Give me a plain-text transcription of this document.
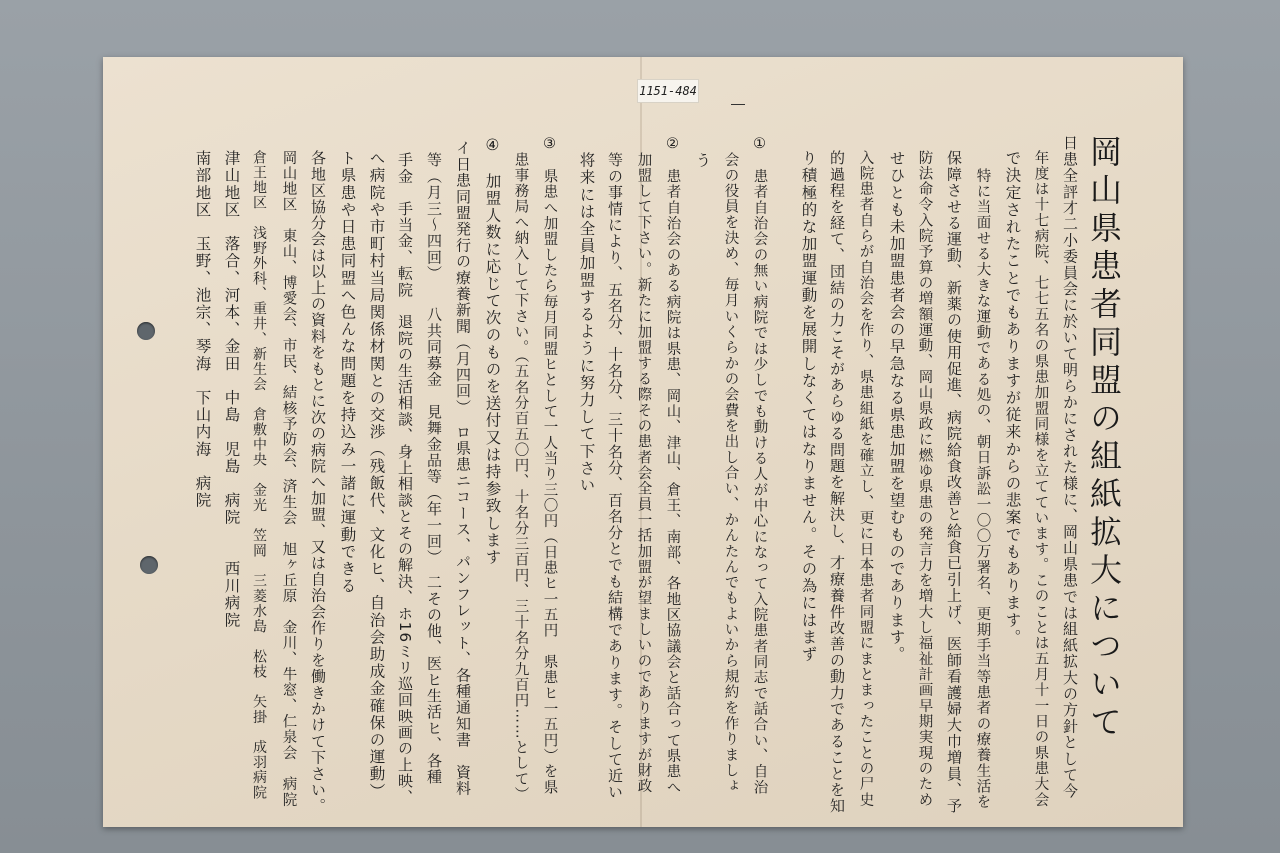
1151-484
岡山県患者同盟の組紙拡大について
日患全評才二小委員会に於いて明らかにされた様に、岡山県患では組紙拡大の方針として今
年度は十七病院、七七五名の県患加盟同様を立てています。このことは五月十一日の県患大会
で決定されたことでもありますが従来からの悲案でもあります。
特に当面せる大きな運動である処の、朝日訴訟一〇〇万署名、更期手当等患者の療養生活を
保障させる運動、新薬の使用促進、病院給食改善と給食已引上げ、医師看護婦大巾増員、予
防法命令入院予算の増額運動、岡山県政に燃ゆ県患の発言力を増大し福祉計画早期実現のため
せひとも未加盟患者会の早急なる県患加盟を望むものであります。
入院患者自らが自治会を作り、県患組紙を確立し、更に日本患者同盟にまとまったことの尸史
的過程を経て、団結の力こそがあらゆる問題を解決し、才療養件改善の動力であることを知
り積極的な加盟運動を展開しなくてはなりません。その為にはまず
①　患者自治会の無い病院では少しでも動ける人が中心になって入院患者同志で話合い、自治
会の役員を決め、毎月いくらかの会費を出し合い、かんたんでもよいから規約を作りましょ
う
②　患者自治会のある病院は県患、岡山、津山、倉王、南部、各地区協議会と話合って県患へ
加盟して下さい。新たに加盟する際その患者会全員一括加盟が望ましいのでありますが財政
等の事情により、五名分、十名分、三十名分、百名分とでも結構であります。そして近い
将来には全員加盟するように努力して下さい
③　県患へ加盟したら毎月同盟ヒとして一人当り三〇円（日患ヒ一五円　県患ヒ一五円）を県
患事務局へ納入して下さい。（五名分百五〇円、十名分三百円、三十名分九百円……として）
④　加盟人数に応じて次のものを送付又は持参致します
イ日患同盟発行の療養新聞（月四回）　ロ県患ニコース、パンフレット、各種通知書　資料
等（月三〜四回）　　八共同募金　見舞金品等（年一回）　二その他、医ヒ生活ヒ、各種
手金　手当金、転院　退院の生活相談、身上相談とその解決、ホ16ミリ巡回映画の上映、
へ病院や市町村当局関係材関との交渉（残飯代、文化ヒ、自治会助成金確保の運動）
ト県患や日患同盟へ色んな問題を持込み一諸に運動できる
各地区協分会は以上の資料をもとに次の病院へ加盟、又は自治会作りを働きかけて下さい。
岡山地区　東山、博愛会、市民、結核予防会、済生会　旭ヶ丘原　金川、牛窓、仁泉会　病院
倉王地区　浅野外科、重井、新生会　倉敷中央　金光　笠岡　三菱水島　松枝　矢掛　成羽病院
津山地区　落合、河本、金田　中島　児島　病院　　西川病院
南部地区　玉野、池宗、琴海　下山内海　病院
